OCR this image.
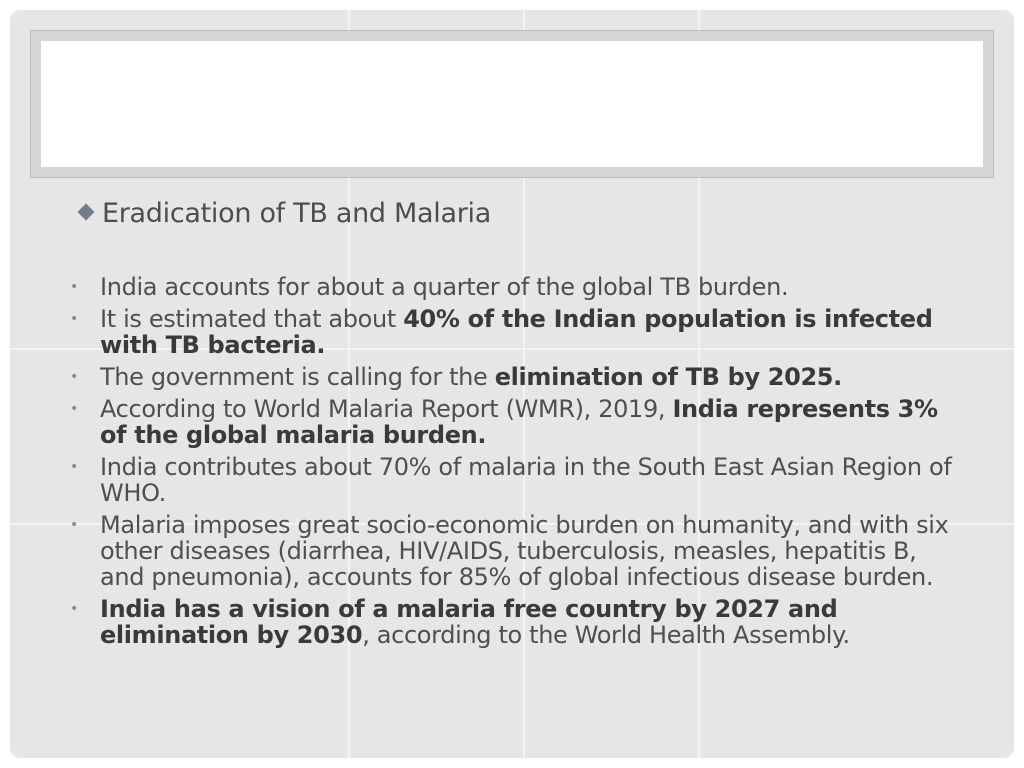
Eradication of TB and Malaria
• India accounts for about a quarter of the global TB burden.
• It is estimated that about 40% of the Indian population is infected with TB bacteria.
• The government is calling for the elimination of TB by 2025.
• According to World Malaria Report (WMR), 2019, India represents 3% of the global malaria burden.
• India contributes about 70% of malaria in the South East Asian Region of WHO.
• Malaria imposes great socio-economic burden on humanity, and with six other diseases (diarrhea, HIV/AIDS, tuberculosis, measles, hepatitis B, and pneumonia), accounts for 85% of global infectious disease burden.
• India has a vision of a malaria free country by 2027 and elimination by 2030, according to the World Health Assembly.
